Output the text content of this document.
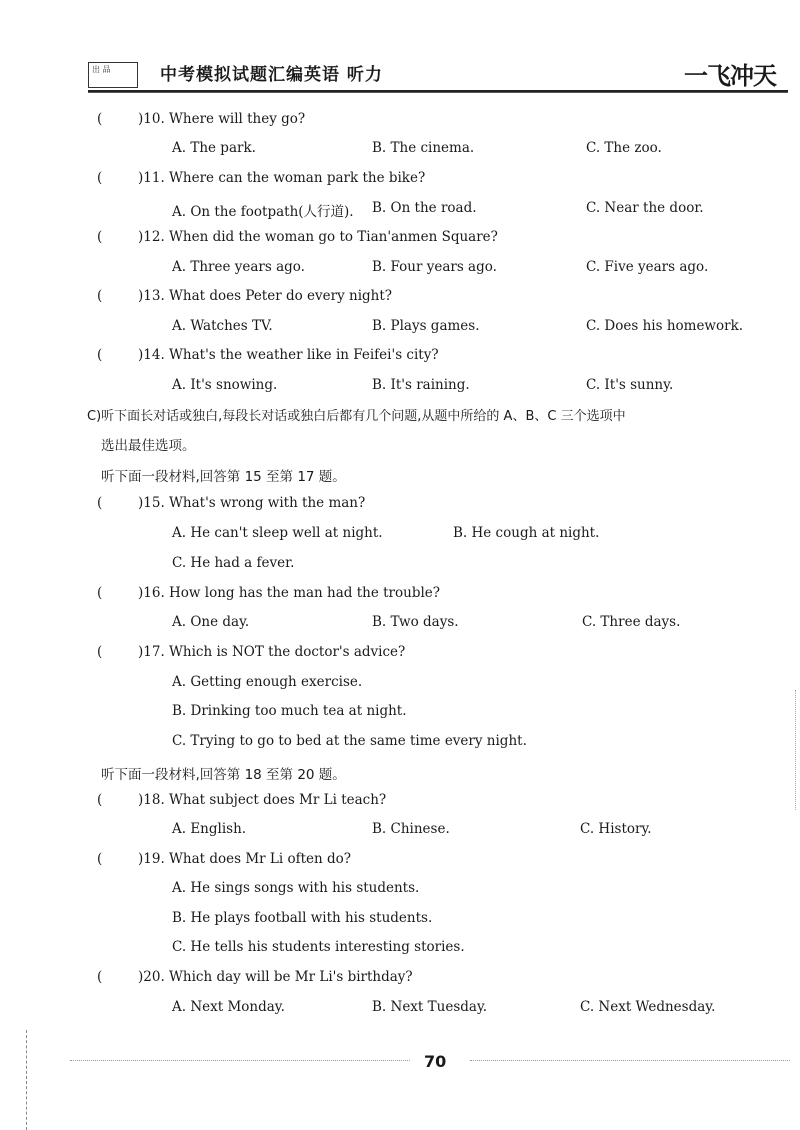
出 品	中考模拟试题汇编英语 听力	一飞冲天
(	)10. Where will they go?
A. The park.	B. The cinema.	C. The zoo.
(	)11. Where can the woman park the bike?
A. On the footpath(人行道). B. On the road.	C. Near the door.
(	)12. When did the woman go to Tian'anmen Square?
A. Three years ago.	B. Four years ago.	C. Five years ago.
(	)13. What does Peter do every night?
A. Watches TV.	B. Plays games.	C. Does his homework.
(	)14. What's the weather like in Feifei's city?
A. It's snowing.	B. It's raining.	C. It's sunny.
C)听下面长对话或独白,每段长对话或独白后都有几个问题,从题中所给的 A、B、C 三个选项中
选出最佳选项。
听下面一段材料,回答第 15 至第 17 题。
(	)15. What's wrong with the man?
A. He can't sleep well at night.	B. He cough at night.
C. He had a fever.
(	)16. How long has the man had the trouble?
A. One day.	B. Two days.	C. Three days.
(	)17. Which is NOT the doctor's advice?
A. Getting enough exercise.
B. Drinking too much tea at night.
C. Trying to go to bed at the same time every night.
听下面一段材料,回答第 18 至第 20 题。
(	)18. What subject does Mr Li teach?
A. English.	B. Chinese.	C. History.
(	)19. What does Mr Li often do?
A. He sings songs with his students.
B. He plays football with his students.
C. He tells his students interesting stories.
(	)20. Which day will be Mr Li's birthday?
A. Next Monday.	B. Next Tuesday.	C. Next Wednesday.
70
